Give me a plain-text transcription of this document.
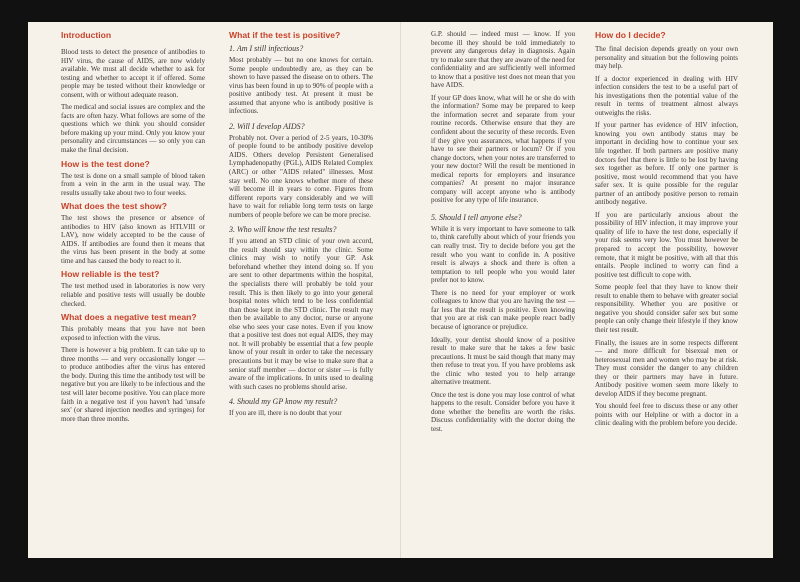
Introduction

Blood tests to detect the presence of antibodies to HIV virus, the cause of AIDS, are now widely available. We must all decide whether to ask for testing and whether to accept it if offered. Some people may be tested without their knowledge or consent, with or without adequate reason.

The medical and social issues are complex and the facts are often hazy. What follows are some of the questions which we think you should consider before making up your mind. Only you know your personality and circumstances — so only you can make the final decision.

How is the test done?

The test is done on a small sample of blood taken from a vein in the arm in the usual way. The results usually take about two to four weeks.

What does the test show?

The test shows the presence or absence of antibodies to HIV (also known as HTLVIII or LAV), now widely accepted to be the cause of AIDS. If antibodies are found then it means that the virus has been present in the body at some time and has caused the body to react to it.

How reliable is the test?

The test method used in laboratories is now very reliable and positive tests will usually be double checked.

What does a negative test mean?

This probably means that you have not been exposed to infection with the virus.

There is however a big problem. It can take up to three months — and very occasionally longer — to produce antibodies after the virus has entered the body. During this time the antibody test will be negative but you are likely to be infectious and the test will later become positive. You can place more faith in a negative test if you haven't had 'unsafe sex' (or shared injection needles and syringes) for more than three months.

What if the test is positive?
1. Am I still infectious?

Most probably — but no one knows for certain. Some people undoubtedly are, as they can be shown to have passed the disease on to others. The virus has been found in up to 90% of people with a positive antibody test. At present it must be assumed that anyone who is antibody positive is infectious.

2. Will I develop AIDS?

Probably not. Over a period of 2-5 years, 10-30% of people found to be antibody positive develop AIDS. Others develop Persistent Generalised Lymphadenopathy (PGL), AIDS Related Complex (ARC) or other "AIDS related" illnesses. Most stay well. No one knows whether more of these will become ill in years to come. Figures from different reports vary considerably and we will have to wait for reliable long term tests on large numbers of people before we can be more precise.

3. Who will know the test results?

If you attend an STD clinic of your own accord, the result should stay within the clinic. Some clinics may wish to notify your GP. Ask beforehand whether they intend doing so. If you are sent to other departments within the hospital, the specialists there will probably be told your result. This is then likely to go into your general hospital notes which tend to be less confidential than those kept in the STD clinic. The result may then be available to any doctor, nurse or anyone else who sees your case notes. Even if you know that a positive test does not equal AIDS, they may not. It will probably be essential that a few people know of your result in order to take the necessary precautions but it may be wise to make sure that a senior staff member — doctor or sister — is fully aware of the implications. In units used to dealing with such cases no problems should arise.

4. Should my GP know my result?

If you are ill, there is no doubt that your

G.P. should — indeed must — know. If you become ill they should be told immediately to prevent any dangerous delay in diagnosis. Again try to make sure that they are aware of the need for confidentiality and are sufficiently well informed to know that a positive test does not mean that you have AIDS.

If your GP does know, what will he or she do with the information? Some may be prepared to keep the information secret and separate from your routine records. Otherwise ensure that they are confident about the security of these records. Even if they give you assurances, what happens if you have to see their partners or locum? Or if you change doctors, when your notes are transferred to your new doctor? Will the result be mentioned in medical reports for employers and insurance companies? At present no major insurance company will accept anyone who is antibody positive for any type of life insurance.

5. Should I tell anyone else?

While it is very important to have someone to talk to, think carefully about which of your friends you can really trust. Try to decide before you get the result who you want to confide in. A positive result is always a shock and there is often a temptation to tell people who you would later prefer not to know.

There is no need for your employer or work colleagues to know that you are having the test — far less that the result is positive. Even knowing that you are at risk can make people react badly because of ignorance or prejudice.

Ideally, your dentist should know of a positive result to make sure that he takes a few basic precautions. It must be said though that many may then refuse to treat you. If you have problems ask the clinic who tested you to help arrange alternative treatment.

Once the test is done you may lose control of what happens to the result. Consider before you have it done whether the benefits are worth the risks. Discuss confidentiality with the doctor doing the test.

How do I decide?

The final decision depends greatly on your own personality and situation but the following points may help.

If a doctor experienced in dealing with HIV infection considers the test to be a useful part of his investigations then the potential value of the result in terms of treatment almost always outweighs the risks.

If your partner has evidence of HIV infection, knowing you own antibody status may be important in deciding how to continue your sex life together. If both partners are positive many doctors feel that there is little to be lost by having sex together as before. If only one partner is positive, most would recommend that you have safer sex. It is quite possible for the regular partner of an antibody positive person to remain antibody negative.

If you are particularly anxious about the possibility of HIV infection, it may improve your quality of life to have the test done, especially if your risk seems very low. You must however be prepared to accept the possibility, however remote, that it might be positive, with all that this entails. People inclined to worry can find a positive test difficult to cope with.

Some people feel that they have to know their result to enable them to behave with greater social responsibility. Whether you are positive or negative you should consider safer sex but some people can only change their lifestyle if they know their test result.

Finally, the issues are in some respects different — and more difficult for bisexual men or heterosexual men and women who may be at risk. They must consider the danger to any children they or their partners may have in future. Antibody positive women seem more likely to develop AIDS if they become pregnant.

You should feel free to discuss these or any other points with our Helpline or with a doctor in a clinic dealing with the problem before you decide.
